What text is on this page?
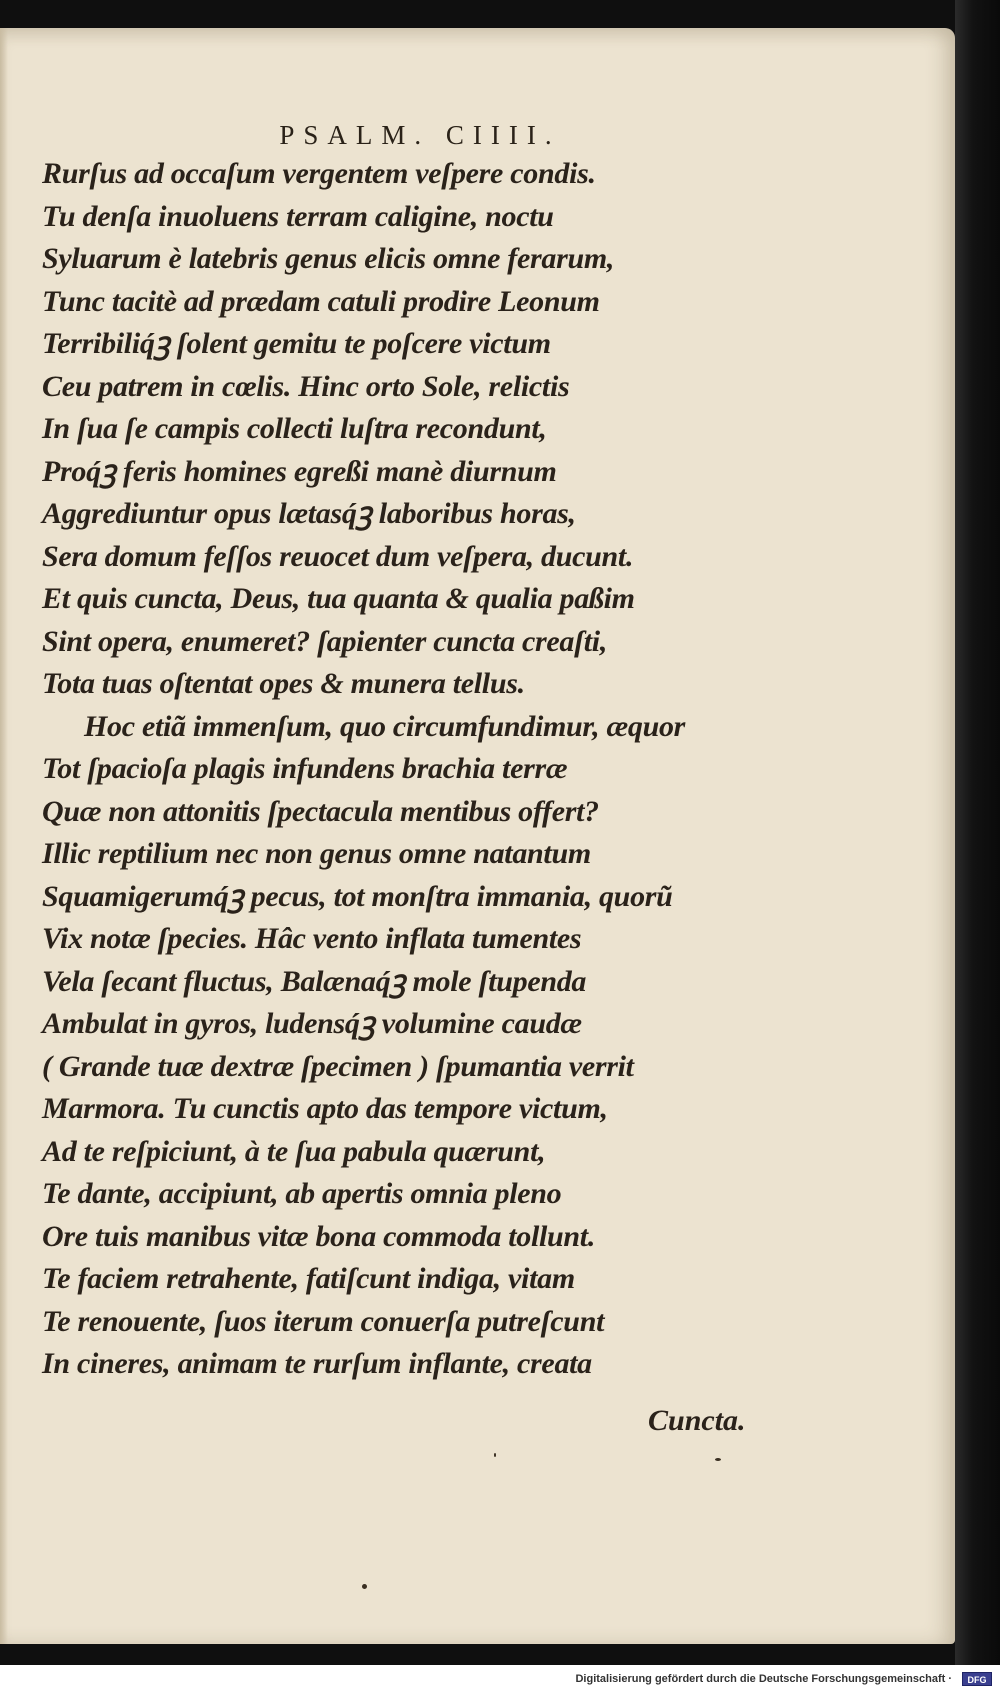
PSALM. CIIII.

Rurſus ad occaſum vergentem veſpere condis.
Tu denſa inuoluens terram caligine, noctu
Syluarum è latebris genus elicis omne ferarum,
Tunc tacitè ad prædam catuli prodire Leonum
Terribiliq́ꝫ ſolent gemitu te poſcere victum
Ceu patrem in cœlis. Hinc orto Sole, relictis
In ſua ſe campis collecti luſtra recondunt,
Proq́ꝫ feris homines egreßi manè diurnum
Aggrediuntur opus lætasq́ꝫ laboribus horas,
Sera domum feſſos reuocet dum veſpera, ducunt.
Et quis cuncta, Deus, tua quanta & qualia paßim
Sint opera, enumeret? ſapienter cuncta creaſti,
Tota tuas oſtentat opes & munera tellus.
Hoc etiã immenſum, quo circumfundimur, æquor
Tot ſpacioſa plagis infundens brachia terræ
Quæ non attonitis ſpectacula mentibus offert?
Illic reptilium nec non genus omne natantum
Squamigerumq́ꝫ pecus, tot monſtra immania, quorũ
Vix notæ ſpecies. Hâc vento inflata tumentes
Vela ſecant fluctus, Balænaq́ꝫ mole ſtupenda
Ambulat in gyros, ludensq́ꝫ volumine caudæ
( Grande tuæ dextræ ſpecimen ) ſpumantia verrit
Marmora. Tu cunctis apto das tempore victum,
Ad te reſpiciunt, à te ſua pabula quærunt,
Te dante, accipiunt, ab apertis omnia pleno
Ore tuis manibus vitæ bona commoda tollunt.
Te faciem retrahente, fatiſcunt indiga, vitam
Te renouente, ſuos iterum conuerſa putreſcunt
In cineres, animam te rurſum inflante, creata

Cuncta.

Digitalisierung gefördert durch die Deutsche Forschungsgemeinschaft ·	DFG
